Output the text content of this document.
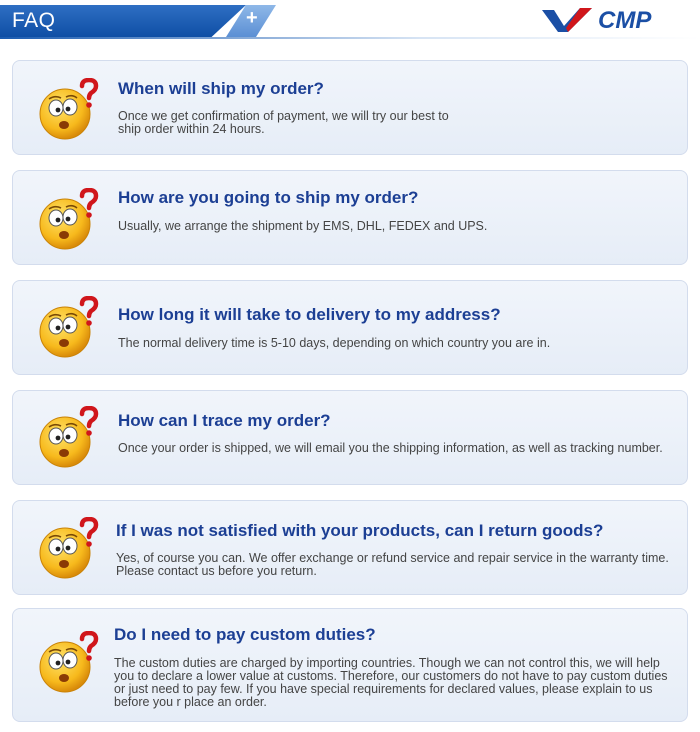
FAQ	+	CMP
When will ship my order?
Once we get confirmation of payment, we will try our best to ship order within 24 hours.
How are you going to ship my order?
Usually, we arrange the shipment by EMS, DHL, FEDEX and UPS.
How long it will take to delivery to my address?
The normal delivery time is 5-10 days, depending on which country you are in.
How can I trace my order?
Once your order is shipped, we will email you the shipping information, as well as tracking number.
If I was not satisfied with your products, can I return goods?
Yes, of course you can. We offer exchange or refund service and repair service in the warranty time. Please contact us before you return.
Do I need to pay custom duties?
The custom duties are charged by importing countries. Though we can not control this, we will help you to declare a lower value at customs. Therefore, our customers do not have to pay custom duties or just need to pay few. If you have special requirements for declared values, please explain to us before you r place an order.
